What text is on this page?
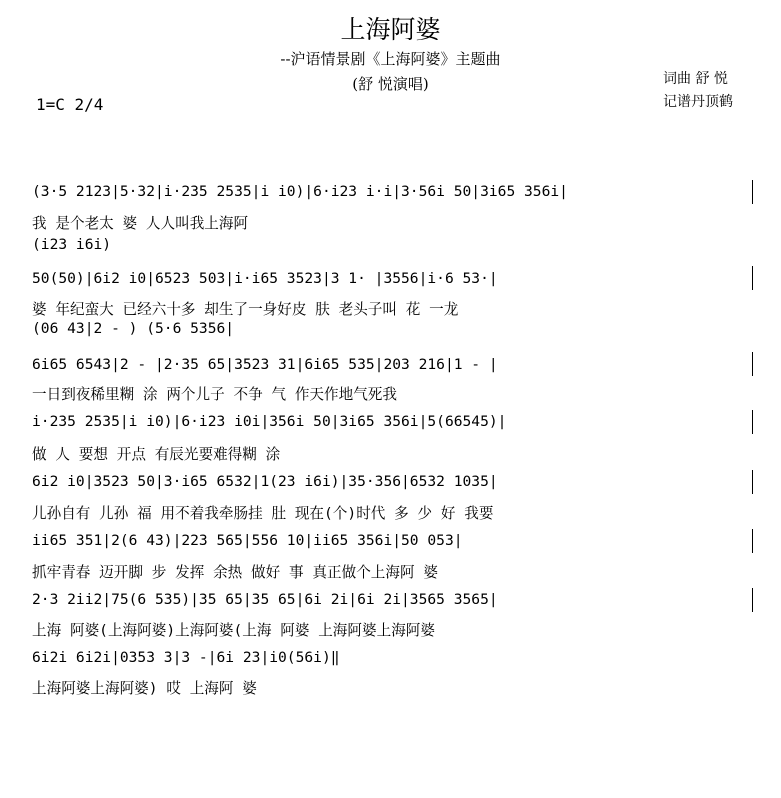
上海阿婆
--沪语情景剧《上海阿婆》主题曲
(舒 悦演唱)	词曲 舒 悦
记谱丹顶鹤
1=C 2/4
(3·5 2123|5·32|i·235 2535|i i0)|6·i23 i·i|3·56i 50|3i65 356i|
我 是个老太 婆 人人叫我上海阿
(i23 i6i)
50(50)|6i2 i0|6523 503|i·i65 3523|3 1· |3556|i·6 53·|
婆 年纪蛮大 已经六十多 却生了一身好皮 肤 老头子叫 花 一龙
(06 43|2 - ) (5·6 5356|
6i65 6543|2 - |2·35 65|3523 31|6i65 535|203 216|1 - |
一日到夜稀里糊 涂 两个儿子 不争 气 作天作地气死我
i·235 2535|i i0)|6·i23 i0i|356i 50|3i65 356i|5(66545)|
做 人 要想 开点 有辰光要难得糊 涂
6i2 i0|3523 50|3·i65 6532|1(23 i6i)|35·356|6532 1035|
儿孙自有 儿孙 福 用不着我牵肠挂 肚 现在(个)时代 多 少 好 我要
ii65 351|2(6 43)|223 565|556 10|ii65 356i|50 053|
抓牢青春 迈开脚 步 发挥 余热 做好 事 真正做个上海阿 婆
2·3 2ii2|75(6 535)|35 65|35 65|6i 2i|6i 2i|3565 3565|
上海 阿婆(上海阿婆)上海阿婆(上海 阿婆 上海阿婆上海阿婆
6i2i 6i2i|0353 3|3 -|6i 23|i0(56i)‖
上海阿婆上海阿婆) 哎 上海阿 婆
